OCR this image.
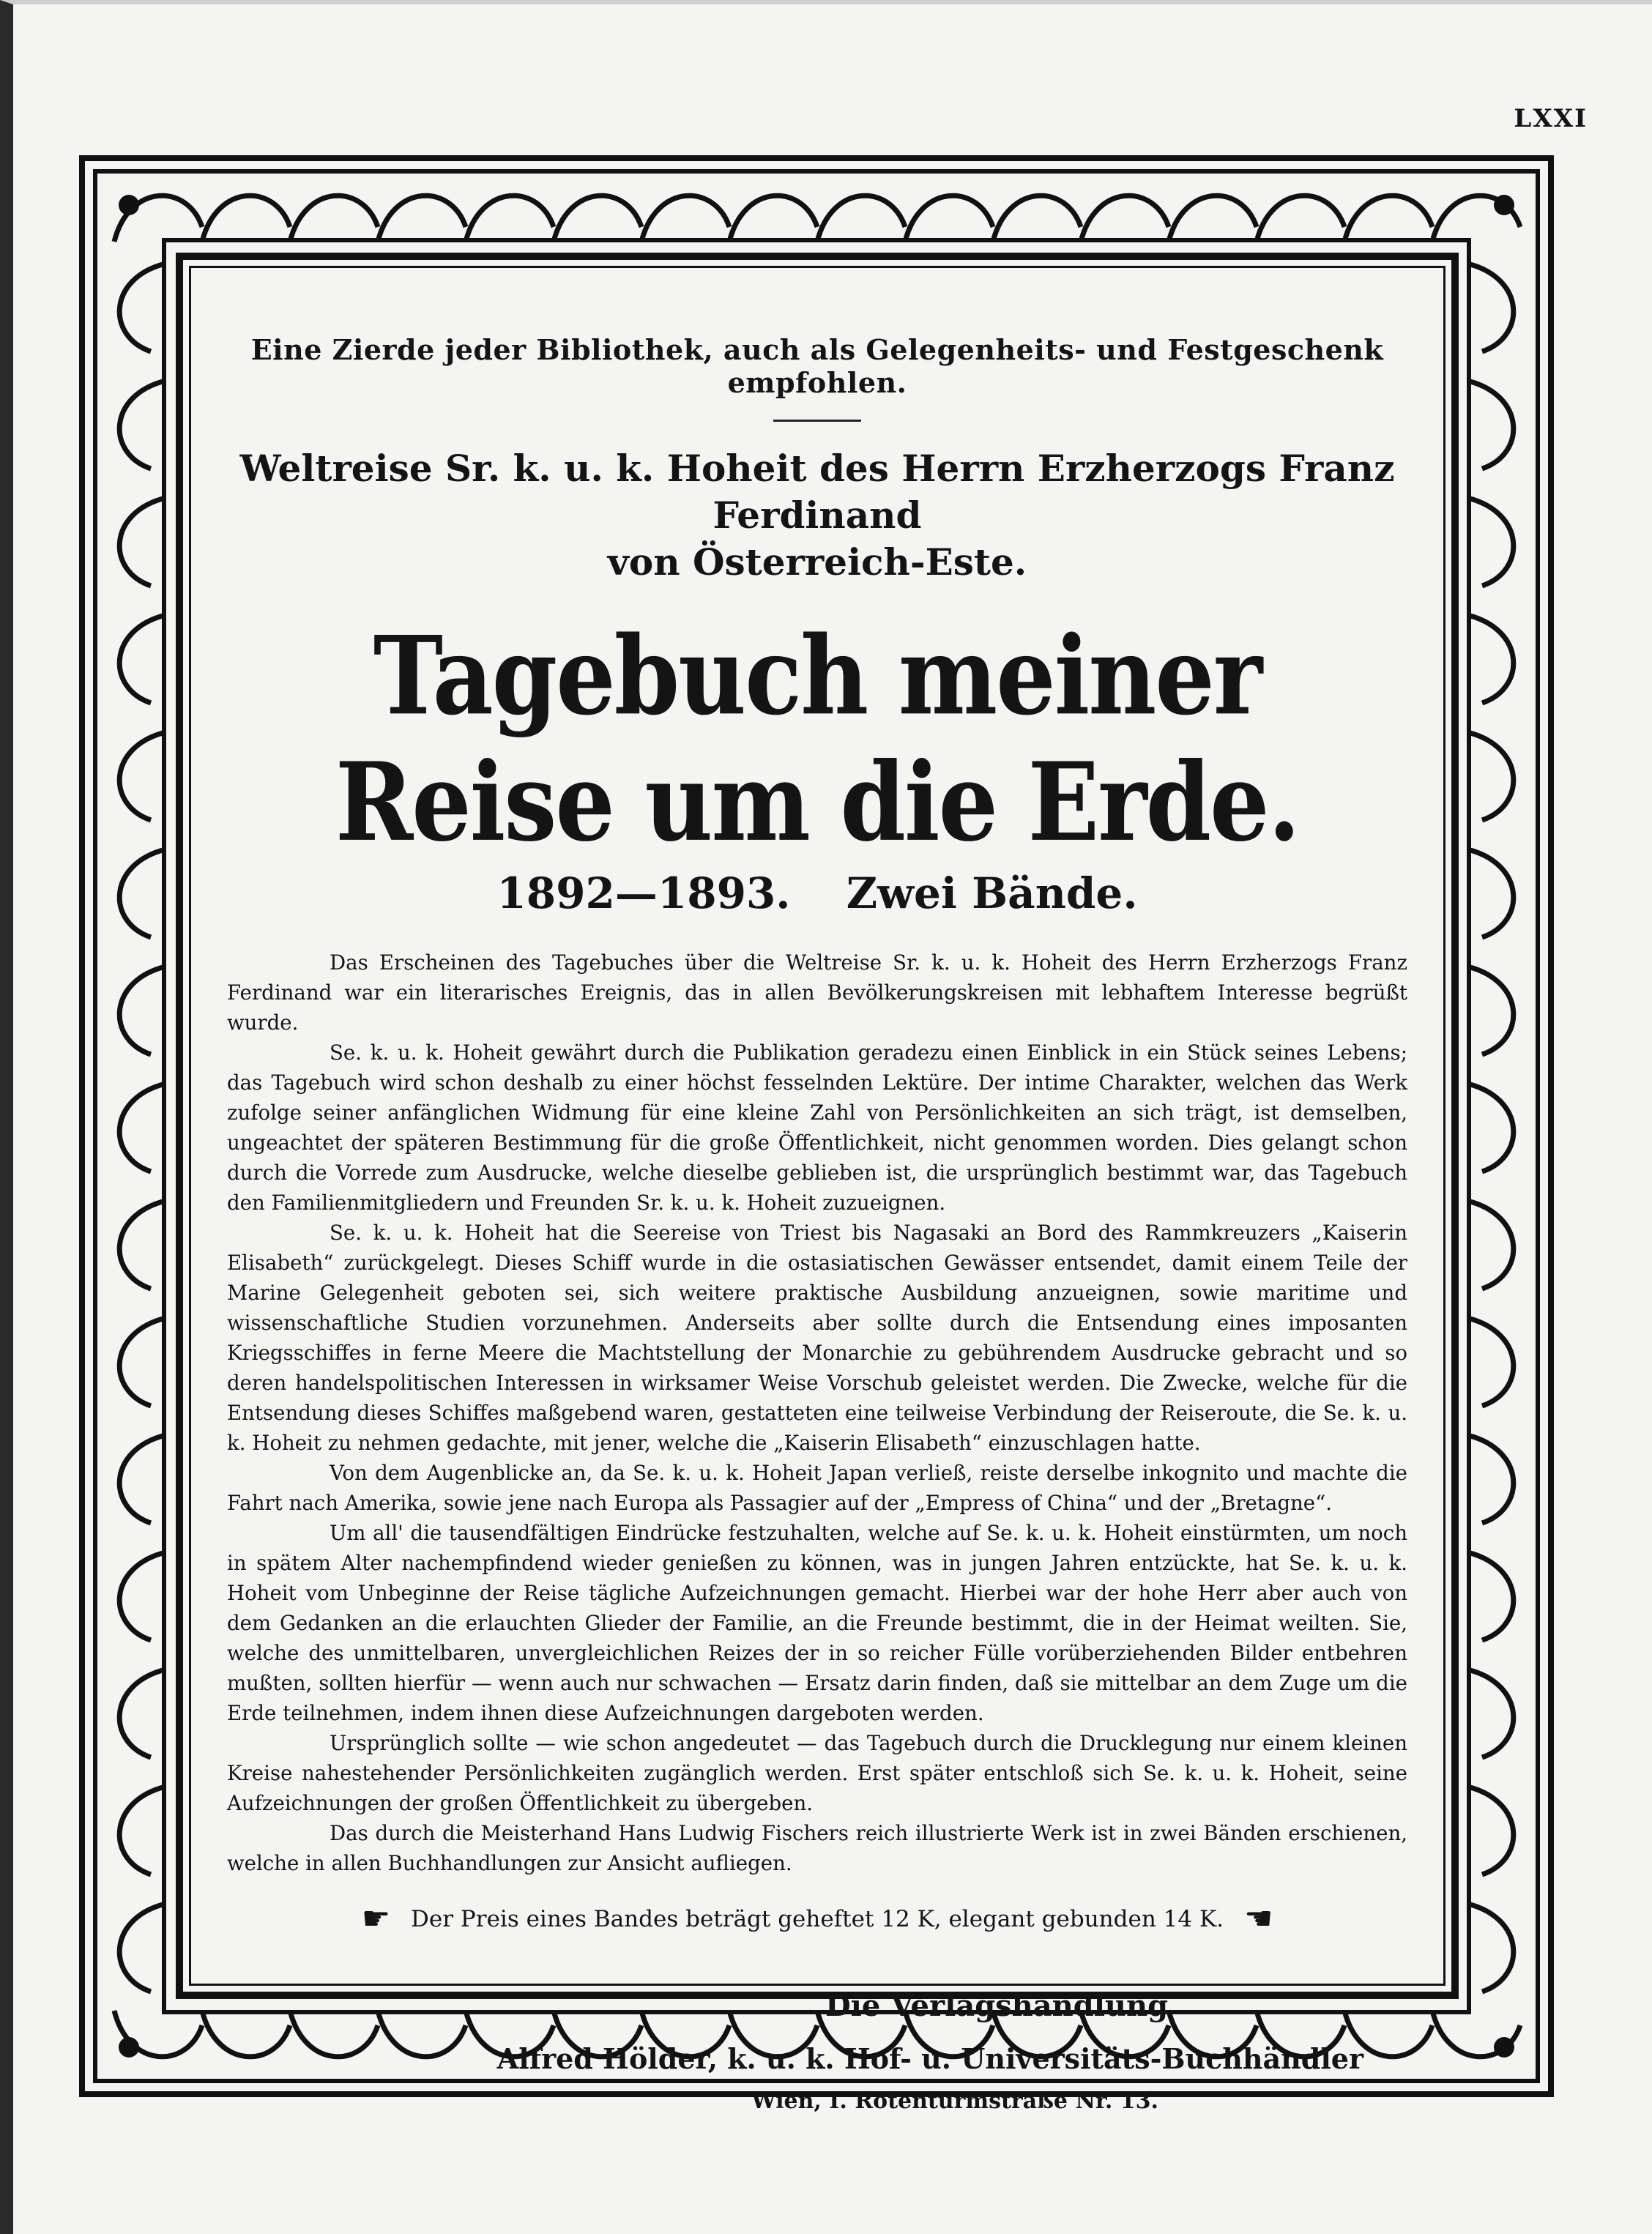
LXXI
Eine Zierde jeder Bibliothek, auch als Gelegenheits- und Festgeschenk empfohlen.
Weltreise Sr. k. u. k. Hoheit des Herrn Erzherzogs Franz Ferdinand
von Österreich-Este.
Tagebuch meiner Reise um die Erde.
1892—1893. Zwei Bände.

Das Erscheinen des Tagebuches über die Weltreise Sr. k. u. k. Hoheit des Herrn Erzherzogs Franz Ferdinand war ein literarisches Ereignis, das in allen Bevölkerungskreisen mit lebhaftem Interesse begrüßt wurde.

Se. k. u. k. Hoheit gewährt durch die Publikation geradezu einen Einblick in ein Stück seines Lebens; das Tagebuch wird schon deshalb zu einer höchst fesselnden Lektüre. Der intime Charakter, welchen das Werk zufolge seiner anfänglichen Widmung für eine kleine Zahl von Persönlichkeiten an sich trägt, ist demselben, ungeachtet der späteren Bestimmung für die große Öffentlichkeit, nicht genommen worden. Dies gelangt schon durch die Vorrede zum Ausdrucke, welche dieselbe geblieben ist, die ursprünglich bestimmt war, das Tagebuch den Familienmitgliedern und Freunden Sr. k. u. k. Hoheit zuzueignen.

Se. k. u. k. Hoheit hat die Seereise von Triest bis Nagasaki an Bord des Rammkreuzers „Kaiserin Elisabeth“ zurückgelegt. Dieses Schiff wurde in die ostasiatischen Gewässer entsendet, damit einem Teile der Marine Gelegenheit geboten sei, sich weitere praktische Ausbildung anzueignen, sowie maritime und wissenschaftliche Studien vorzunehmen. Anderseits aber sollte durch die Entsendung eines imposanten Kriegsschiffes in ferne Meere die Machtstellung der Monarchie zu gebührendem Ausdrucke gebracht und so deren handelspolitischen Interessen in wirksamer Weise Vorschub geleistet werden. Die Zwecke, welche für die Entsendung dieses Schiffes maßgebend waren, gestatteten eine teilweise Verbindung der Reiseroute, die Se. k. u. k. Hoheit zu nehmen gedachte, mit jener, welche die „Kaiserin Elisabeth“ einzuschlagen hatte.

Von dem Augenblicke an, da Se. k. u. k. Hoheit Japan verließ, reiste derselbe inkognito und machte die Fahrt nach Amerika, sowie jene nach Europa als Passagier auf der „Empress of China“ und der „Bretagne“.

Um all' die tausendfältigen Eindrücke festzuhalten, welche auf Se. k. u. k. Hoheit einstürmten, um noch in spätem Alter nachempfindend wieder genießen zu können, was in jungen Jahren entzückte, hat Se. k. u. k. Hoheit vom Unbeginne der Reise tägliche Aufzeichnungen gemacht. Hierbei war der hohe Herr aber auch von dem Gedanken an die erlauchten Glieder der Familie, an die Freunde bestimmt, die in der Heimat weilten. Sie, welche des unmittelbaren, unvergleichlichen Reizes der in so reicher Fülle vorüberziehenden Bilder entbehren mußten, sollten hierfür — wenn auch nur schwachen — Ersatz darin finden, daß sie mittelbar an dem Zuge um die Erde teilnehmen, indem ihnen diese Aufzeichnungen dargeboten werden.

Ursprünglich sollte — wie schon angedeutet — das Tagebuch durch die Drucklegung nur einem kleinen Kreise nahestehender Persönlichkeiten zugänglich werden. Erst später entschloß sich Se. k. u. k. Hoheit, seine Aufzeichnungen der großen Öffentlichkeit zu übergeben.

Das durch die Meisterhand Hans Ludwig Fischers reich illustrierte Werk ist in zwei Bänden erschienen, welche in allen Buchhandlungen zur Ansicht aufliegen.

☛ Der Preis eines Bandes beträgt geheftet 12 K, elegant gebunden 14 K. ☛
Die Verlagshandlung
Alfred Hölder, k. u. k. Hof- u. Universitäts-Buchhändler
Wien, I. Rotenturmstraße Nr. 13.
